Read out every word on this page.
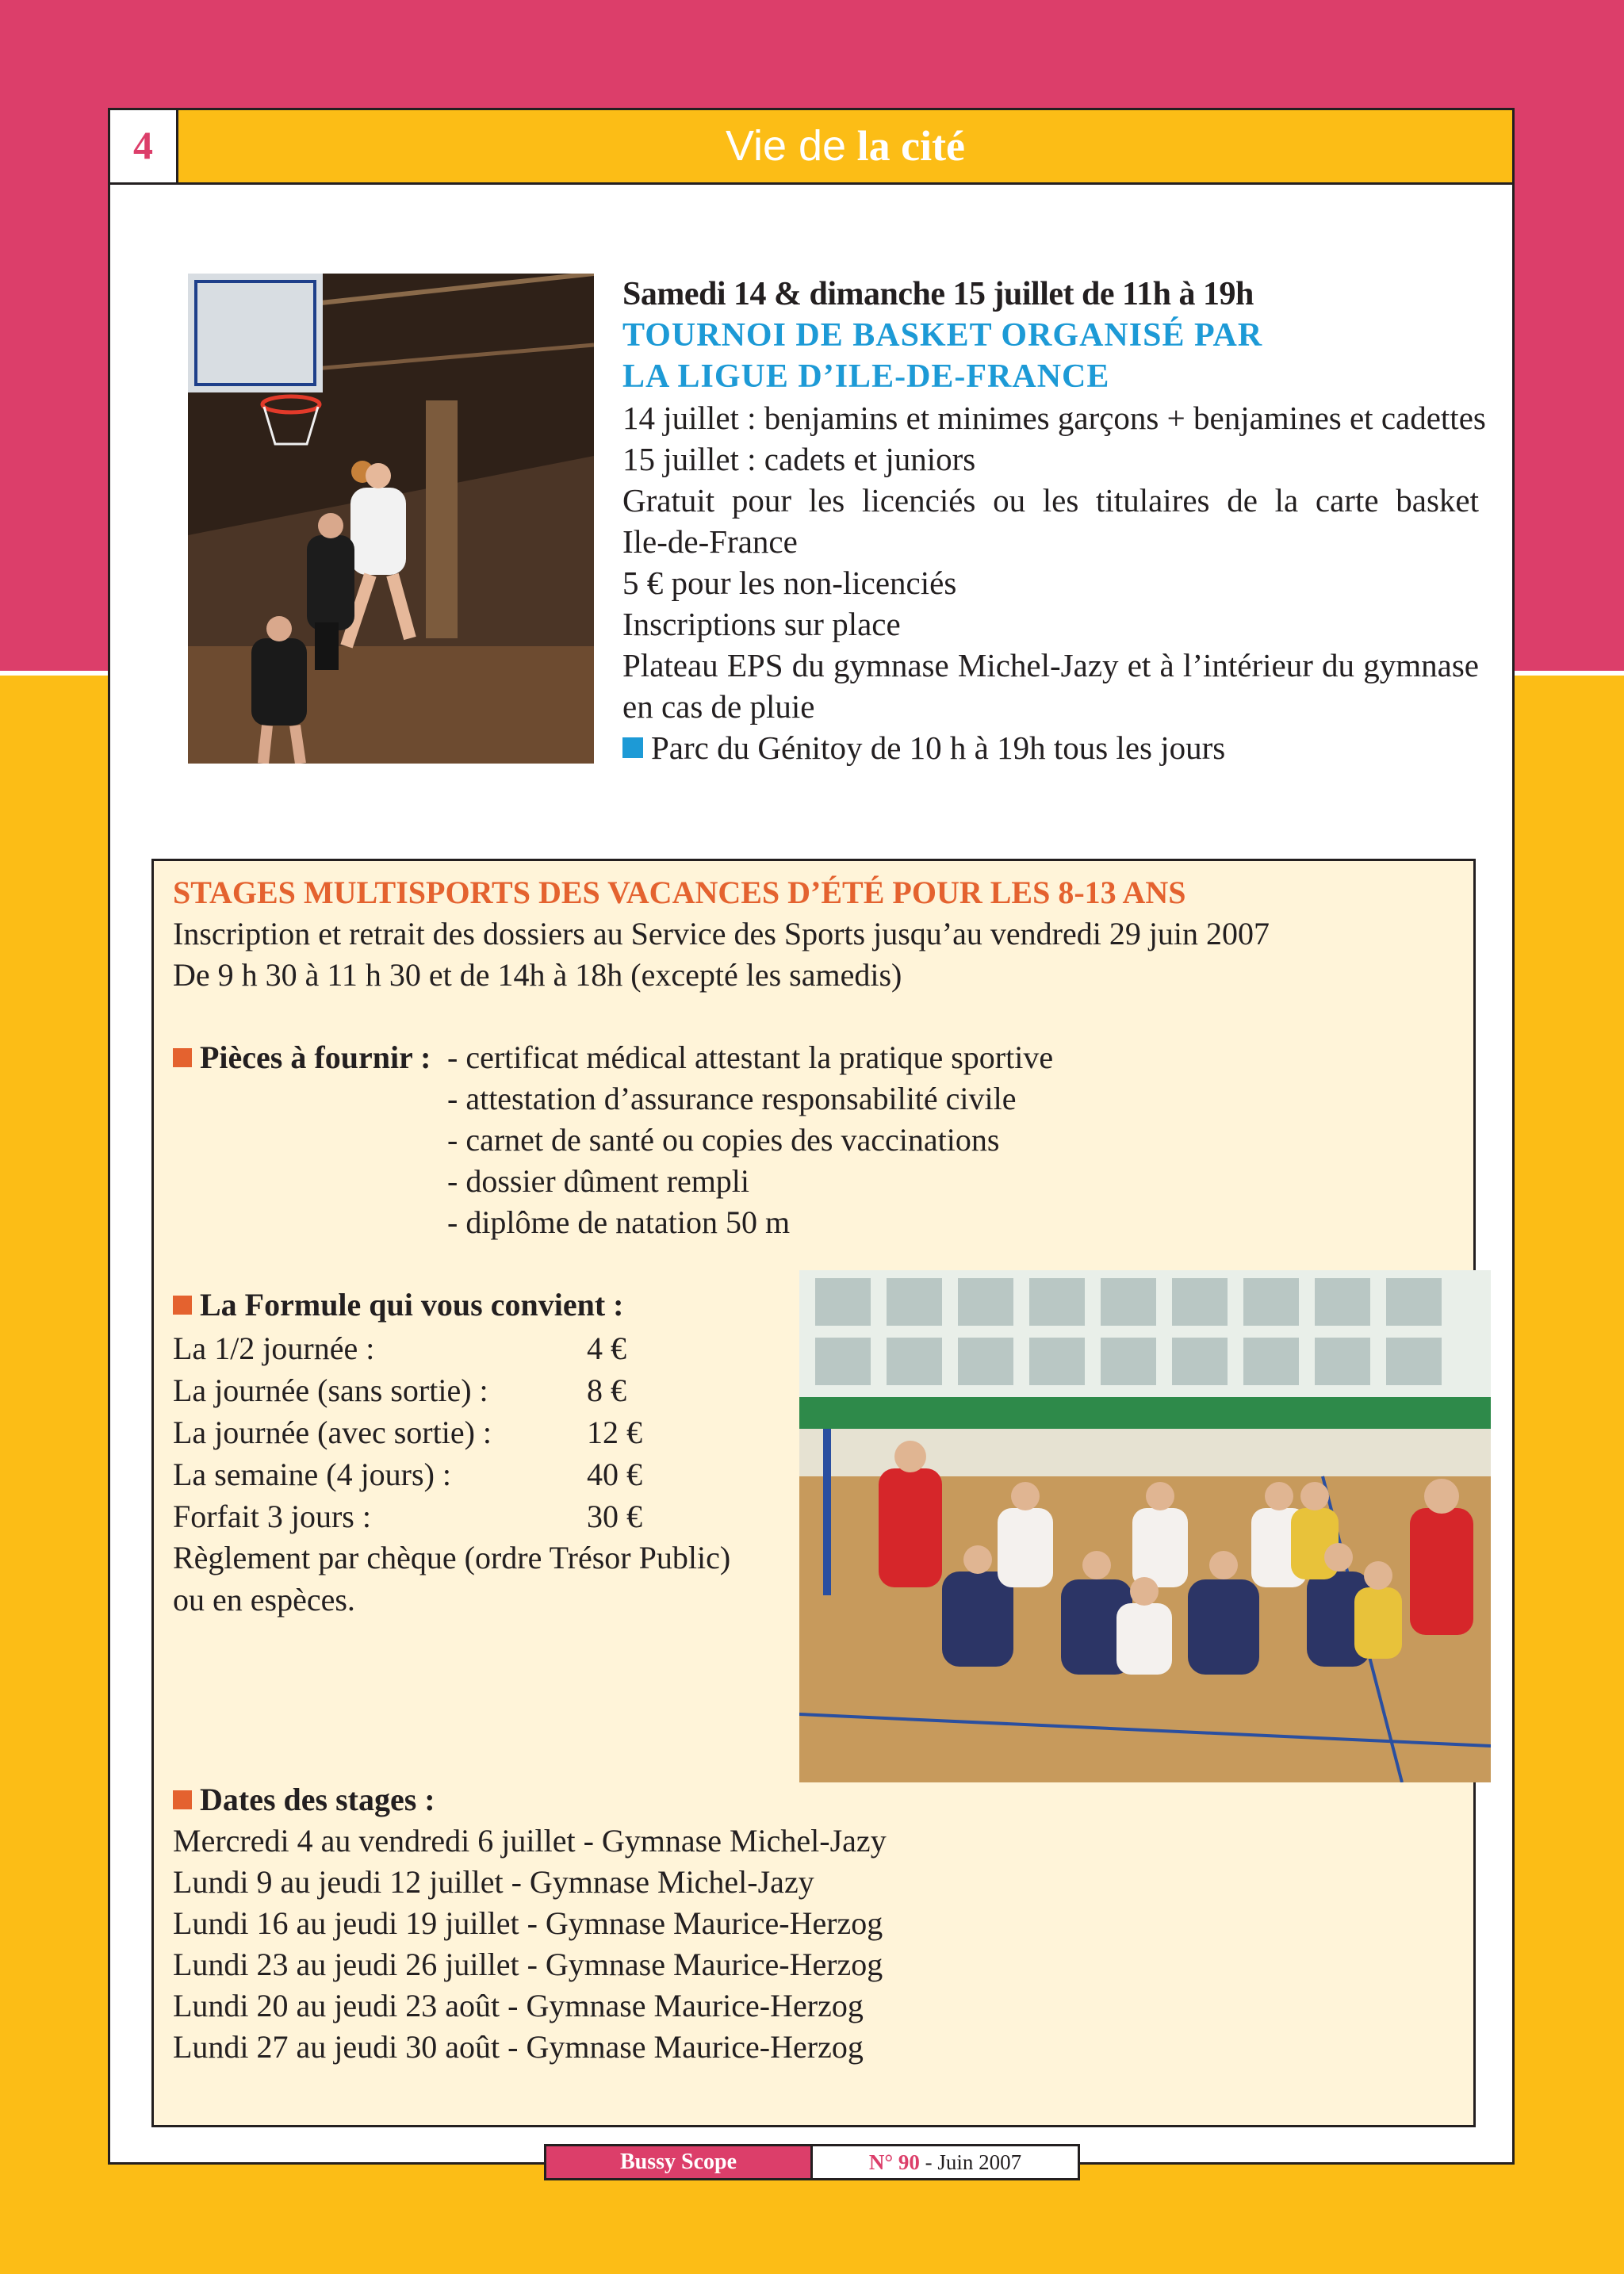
4	Vie de la cité
Samedi 14 & dimanche 15 juillet de 11h à 19h
TOURNOI DE BASKET ORGANISÉ PAR
LA LIGUE D’ILE-DE-FRANCE
14 juillet : benjamins et minimes garçons + benjamines et cadettes
15 juillet : cadets et juniors
Gratuit pour les licenciés ou les titulaires de la carte basket
Ile-de-France
5 € pour les non-licenciés
Inscriptions sur place
Plateau EPS du gymnase Michel-Jazy et à l’intérieur du gymnase
en cas de pluie
Parc du Génitoy de 10 h à 19h tous les jours
STAGES MULTISPORTS DES VACANCES D’ÉTÉ POUR LES 8-13 ANS
Inscription et retrait des dossiers au Service des Sports jusqu’au vendredi 29 juin 2007
De 9 h 30 à 11 h 30 et de 14h à 18h (excepté les samedis)
Pièces à fournir : - certificat médical attestant la pratique sportive
- attestation d’assurance responsabilité civile
- carnet de santé ou copies des vaccinations
- dossier dûment rempli
- diplôme de natation 50 m
La Formule qui vous convient :
La 1/2 journée :	4 €
La journée (sans sortie) :	8 €
La journée (avec sortie) :	12 €
La semaine (4 jours) :	40 €
Forfait 3 jours :	30 €
Règlement par chèque (ordre Trésor Public)
ou en espèces.
Dates des stages :
Mercredi 4 au vendredi 6 juillet - Gymnase Michel-Jazy
Lundi 9 au jeudi 12 juillet - Gymnase Michel-Jazy
Lundi 16 au jeudi 19 juillet - Gymnase Maurice-Herzog
Lundi 23 au jeudi 26 juillet - Gymnase Maurice-Herzog
Lundi 20 au jeudi 23 août - Gymnase Maurice-Herzog
Lundi 27 au jeudi 30 août - Gymnase Maurice-Herzog
Bussy Scope	N° 90 - Juin 2007
